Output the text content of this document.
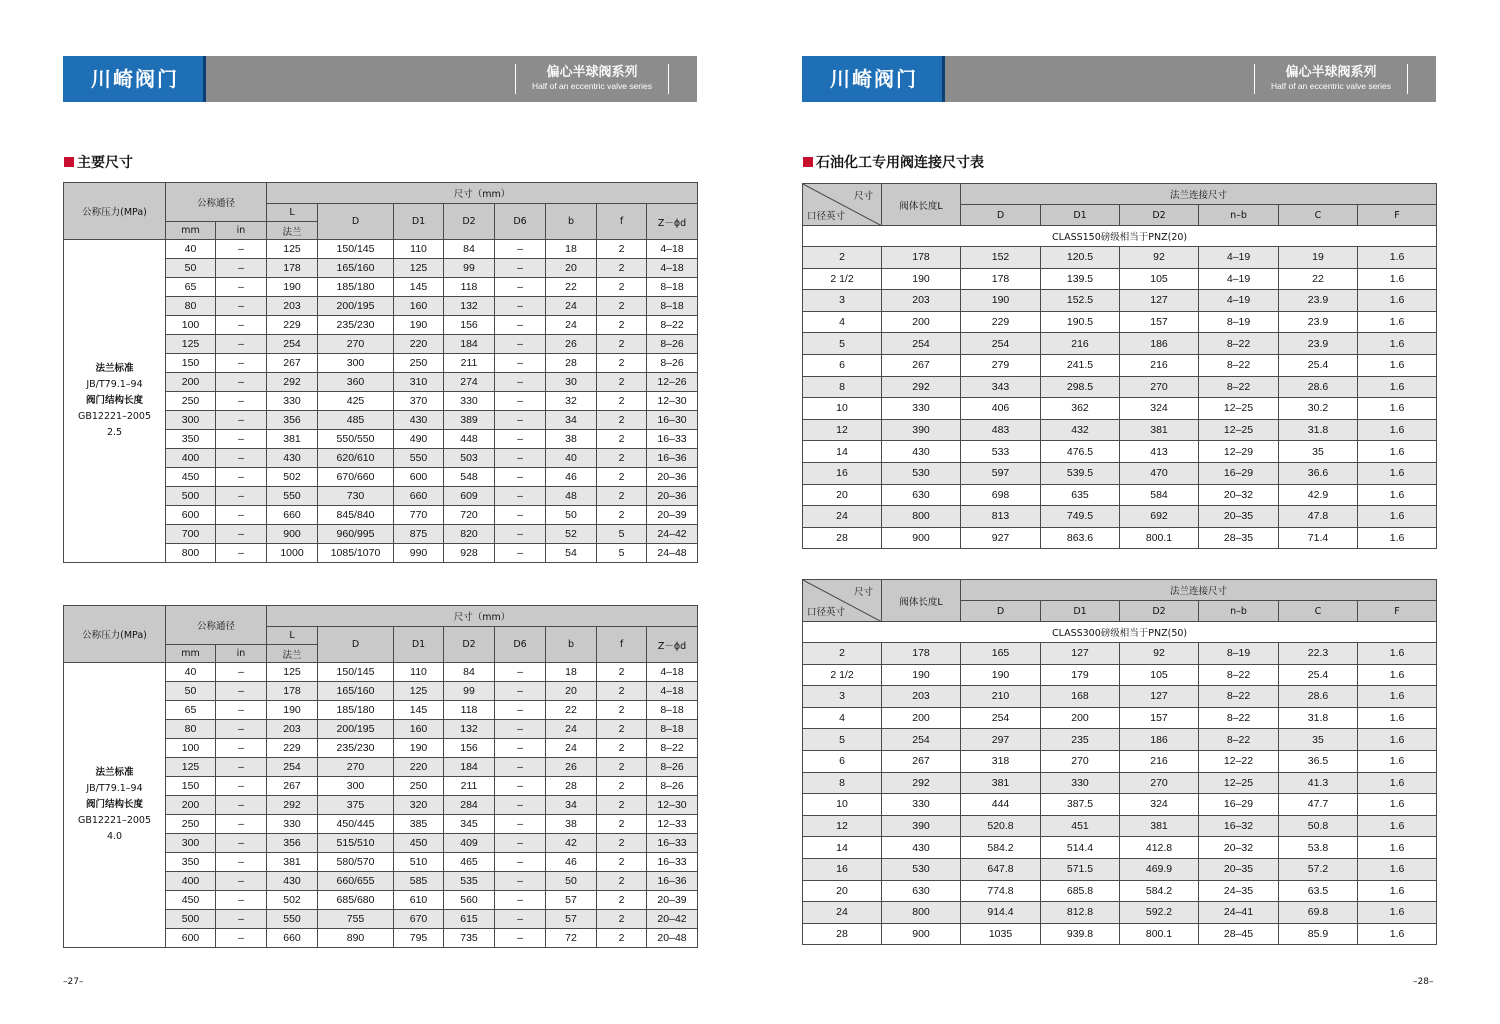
川崎阀门	偏心半球阀系列
Half of an eccentric valve series
主要尺寸
公称压力(MPa)	公称通径		尺寸（mm）							
			L	D	D1	D2	D6	b	f	Z－ϕd
	mm	in	法兰							

法兰标准
JB/T79.1–94
阀门结构长度
GB12221–2005
2.5	40	–	125	150/145	110	84	–	18	2	4–18
	50	–	178	165/160	125	99	–	20	2	4–18
	65	–	190	185/180	145	118	–	22	2	8–18
	80	–	203	200/195	160	132	–	24	2	8–18
	100	–	229	235/230	190	156	–	24	2	8–22
	125	–	254	270	220	184	–	26	2	8–26
	150	–	267	300	250	211	–	28	2	8–26
	200	–	292	360	310	274	–	30	2	12–26
	250	–	330	425	370	330	–	32	2	12–30
	300	–	356	485	430	389	–	34	2	16–30
	350	–	381	550/550	490	448	–	38	2	16–33
	400	–	430	620/610	550	503	–	40	2	16–36
	450	–	502	670/660	600	548	–	46	2	20–36
	500	–	550	730	660	609	–	48	2	20–36
	600	–	660	845/840	770	720	–	50	2	20–39
	700	–	900	960/995	875	820	–	52	5	24–42
	800	–	1000	1085/1070	990	928	–	54	5	24–48
公称压力(MPa)	公称通径		尺寸（mm）							
			L	D	D1	D2	D6	b	f	Z－ϕd
	mm	in	法兰							

法兰标准
JB/T79.1–94
阀门结构长度
GB12221–2005
4.0	40	–	125	150/145	110	84	–	18	2	4–18
	50	–	178	165/160	125	99	–	20	2	4–18
	65	–	190	185/180	145	118	–	22	2	8–18
	80	–	203	200/195	160	132	–	24	2	8–18
	100	–	229	235/230	190	156	–	24	2	8–22
	125	–	254	270	220	184	–	26	2	8–26
	150	–	267	300	250	211	–	28	2	8–26
	200	–	292	375	320	284	–	34	2	12–30
	250	–	330	450/445	385	345	–	38	2	12–33
	300	–	356	515/510	450	409	–	42	2	16–33
	350	–	381	580/570	510	465	–	46	2	16–33
	400	–	430	660/655	585	535	–	50	2	16–36
	450	–	502	685/680	610	560	–	57	2	20–39
	500	–	550	755	670	615	–	57	2	20–42
	600	–	660	890	795	735	–	72	2	20–48
–27–
川崎阀门	偏心半球阀系列
Half of an eccentric valve series
石油化工专用阀连接尺寸表
尺寸
口径英寸	阀体长度L	法兰连接尺寸					
		D	D1	D2	n–b	C	F
CLASS150磅级相当于PNZ(20)							
2	178	152	120.5	92	4–19	19	1.6
2 1/2	190	178	139.5	105	4–19	22	1.6
3	203	190	152.5	127	4–19	23.9	1.6
4	200	229	190.5	157	8–19	23.9	1.6
5	254	254	216	186	8–22	23.9	1.6
6	267	279	241.5	216	8–22	25.4	1.6
8	292	343	298.5	270	8–22	28.6	1.6
10	330	406	362	324	12–25	30.2	1.6
12	390	483	432	381	12–25	31.8	1.6
14	430	533	476.5	413	12–29	35	1.6
16	530	597	539.5	470	16–29	36.6	1.6
20	630	698	635	584	20–32	42.9	1.6
24	800	813	749.5	692	20–35	47.8	1.6
28	900	927	863.6	800.1	28–35	71.4	1.6
尺寸
口径英寸	阀体长度L	法兰连接尺寸					
		D	D1	D2	n–b	C	F
CLASS300磅级相当于PNZ(50)							
2	178	165	127	92	8–19	22.3	1.6
2 1/2	190	190	179	105	8–22	25.4	1.6
3	203	210	168	127	8–22	28.6	1.6
4	200	254	200	157	8–22	31.8	1.6
5	254	297	235	186	8–22	35	1.6
6	267	318	270	216	12–22	36.5	1.6
8	292	381	330	270	12–25	41.3	1.6
10	330	444	387.5	324	16–29	47.7	1.6
12	390	520.8	451	381	16–32	50.8	1.6
14	430	584.2	514.4	412.8	20–32	53.8	1.6
16	530	647.8	571.5	469.9	20–35	57.2	1.6
20	630	774.8	685.8	584.2	24–35	63.5	1.6
24	800	914.4	812.8	592.2	24–41	69.8	1.6
28	900	1035	939.8	800.1	28–45	85.9	1.6
–28–
